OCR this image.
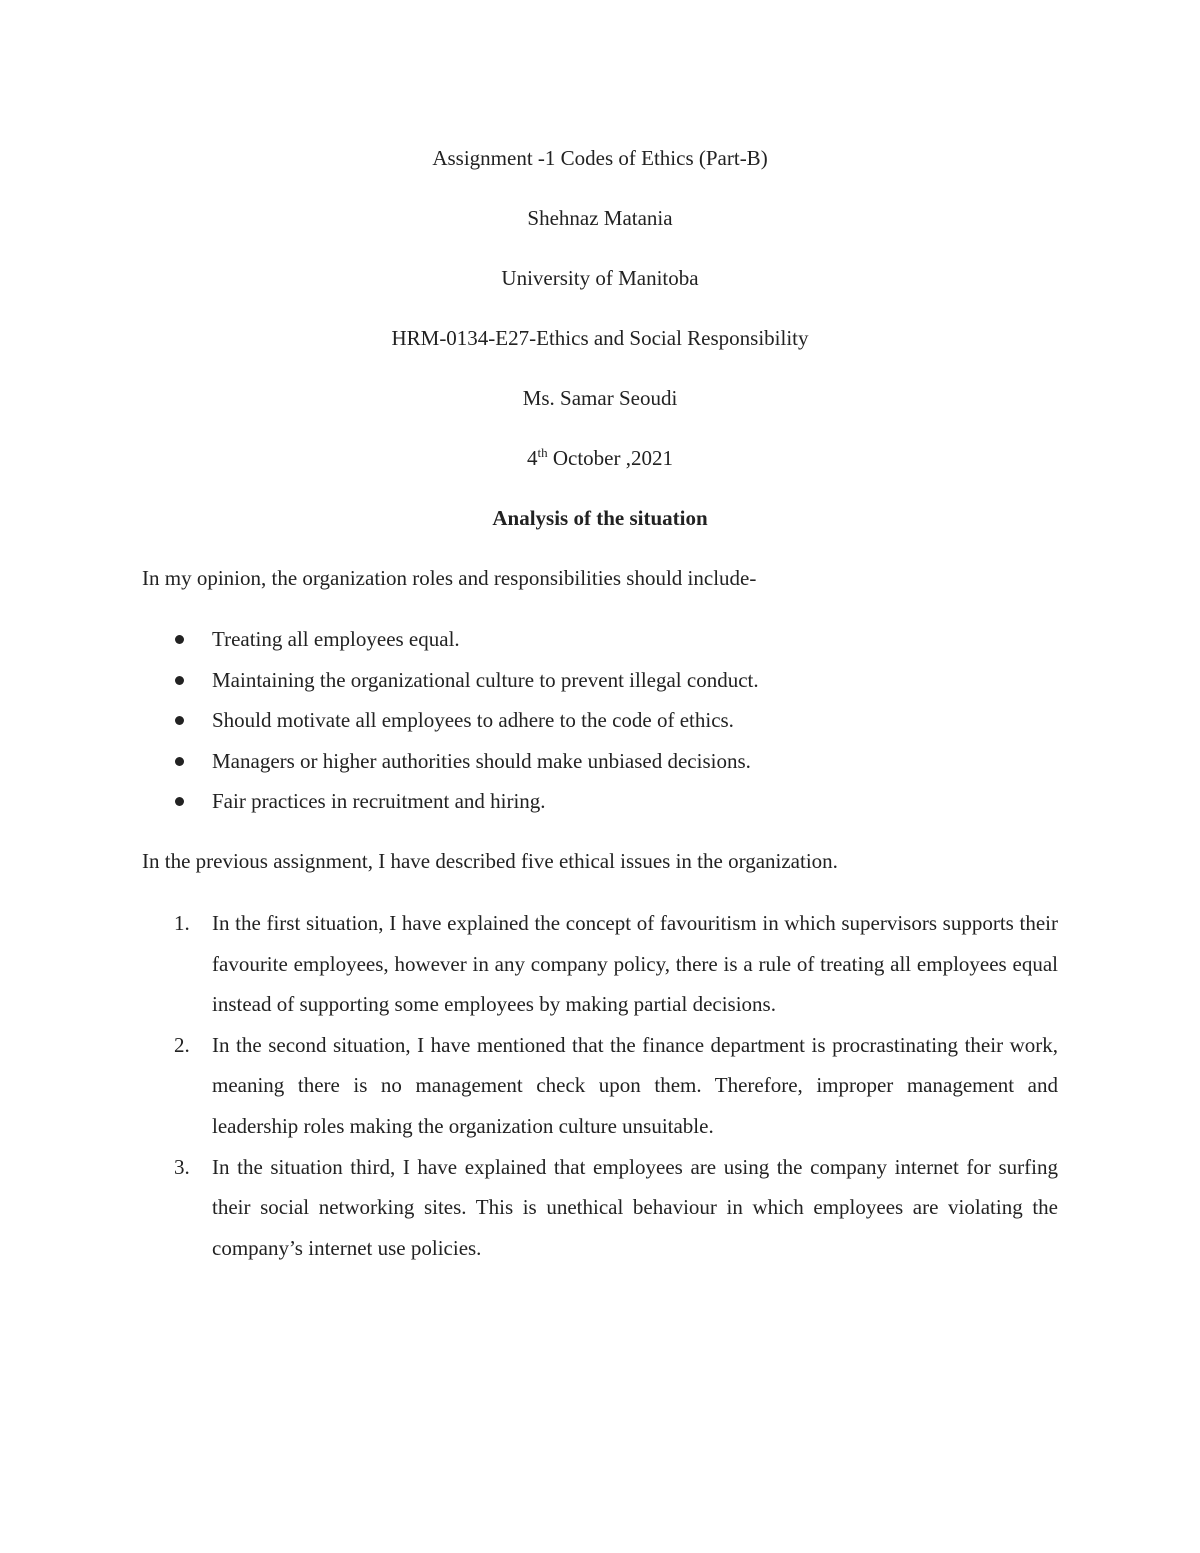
Assignment -1 Codes of Ethics (Part-B)

Shehnaz Matania

University of Manitoba

HRM-0134-E27-Ethics and Social Responsibility

Ms. Samar Seoudi

4th October ,2021

Analysis of the situation

In my opinion, the organization roles and responsibilities should include-

Treating all employees equal.
Maintaining the organizational culture to prevent illegal conduct.
Should motivate all employees to adhere to the code of ethics.
Managers or higher authorities should make unbiased decisions.
Fair practices in recruitment and hiring.

In the previous assignment, I have described five ethical issues in the organization.

1. In the first situation, I have explained the concept of favouritism in which supervisors supports their favourite employees, however in any company policy, there is a rule of treating all employees equal instead of supporting some employees by making partial decisions.
2. In the second situation, I have mentioned that the finance department is procrastinating their work, meaning there is no management check upon them. Therefore, improper management and leadership roles making the organization culture unsuitable.
3. In the situation third, I have explained that employees are using the company internet for surfing their social networking sites. This is unethical behaviour in which employees are violating the company’s internet use policies.
